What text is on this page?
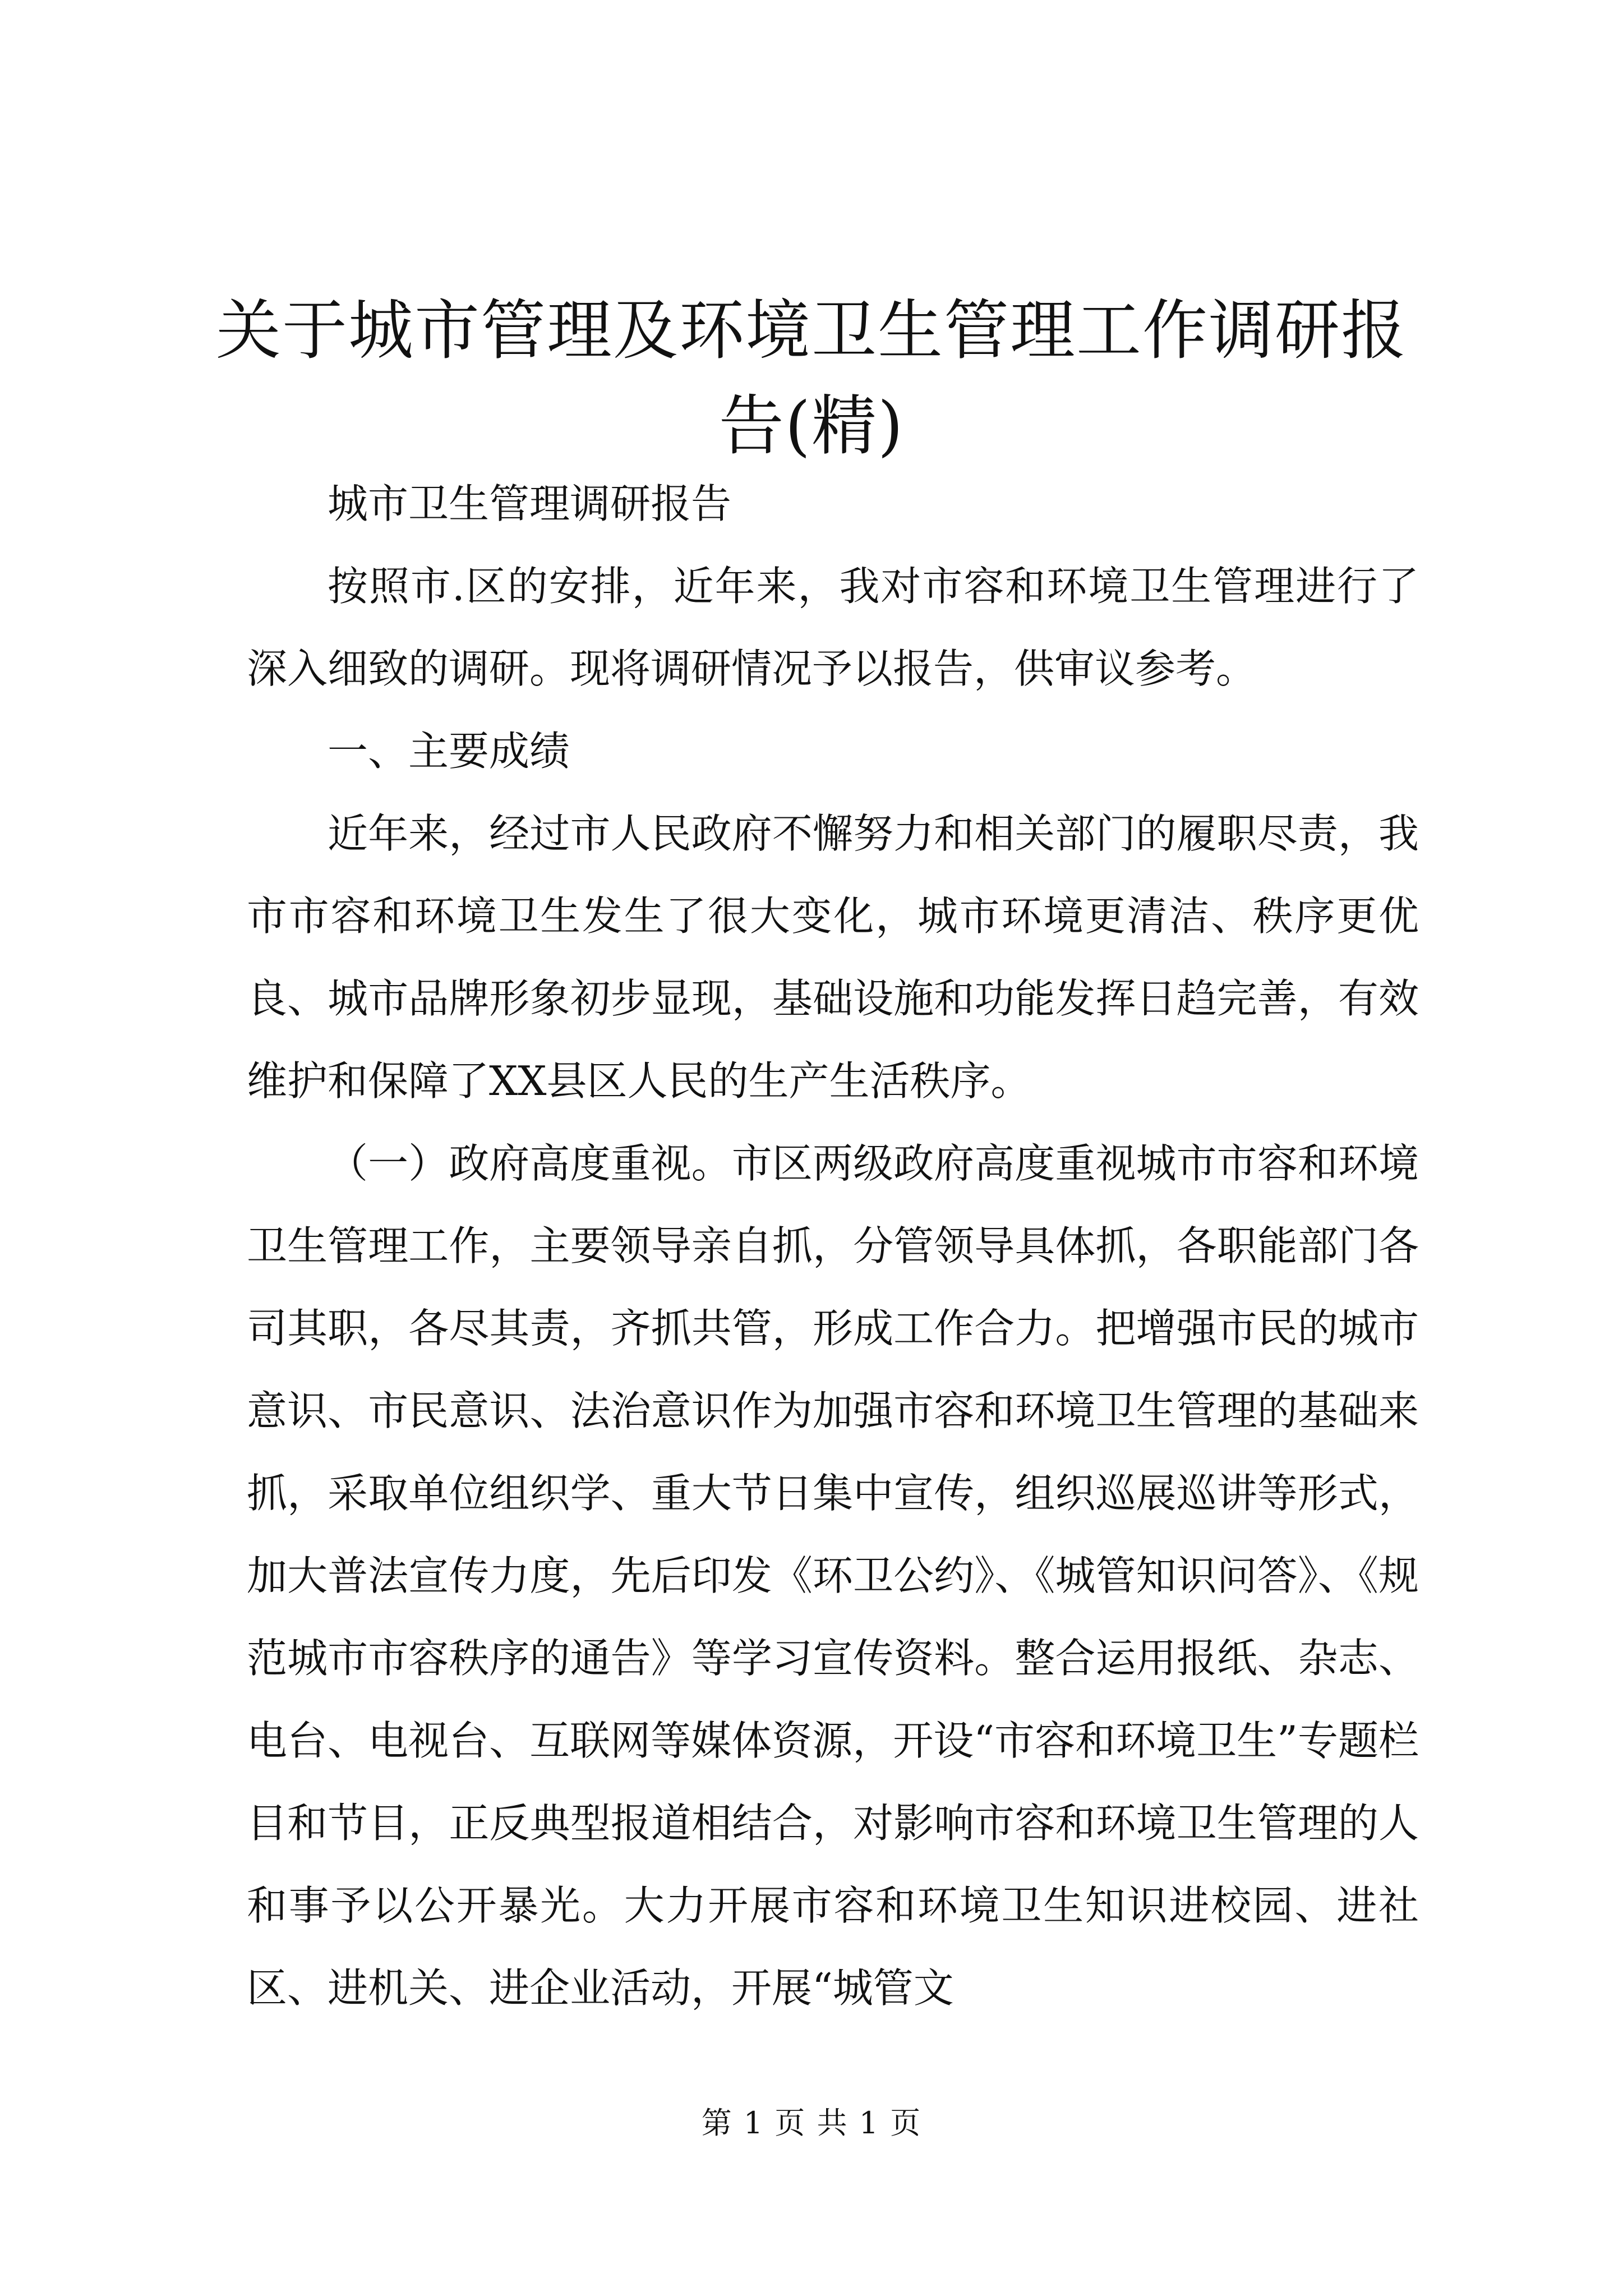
关于城市管理及环境卫生管理工作调研报告(精)

城市卫生管理调研报告

按照市.区的安排，近年来，我对市容和环境卫生管理进行了深入细致的调研。现将调研情况予以报告，供审议参考。

一、主要成绩

近年来，经过市人民政府不懈努力和相关部门的履职尽责，我市市容和环境卫生发生了很大变化，城市环境更清洁、秩序更优良、城市品牌形象初步显现，基础设施和功能发挥日趋完善，有效维护和保障了XX县区人民的生产生活秩序。

（一）政府高度重视。市区两级政府高度重视城市市容和环境卫生管理工作，主要领导亲自抓，分管领导具体抓，各职能部门各司其职，各尽其责，齐抓共管，形成工作合力。把增强市民的城市意识、市民意识、法治意识作为加强市容和环境卫生管理的基础来抓，采取单位组织学、重大节日集中宣传，组织巡展巡讲等形式，加大普法宣传力度，先后印发《环卫公约》、《城管知识问答》、《规范城市市容秩序的通告》等学习宣传资料。整合运用报纸、杂志、电台、电视台、互联网等媒体资源，开设“市容和环境卫生”专题栏目和节目，正反典型报道相结合，对影响市容和环境卫生管理的人和事予以公开暴光。大力开展市容和环境卫生知识进校园、进社区、进机关、进企业活动，开展“城管文

第 1 页 共 1 页
